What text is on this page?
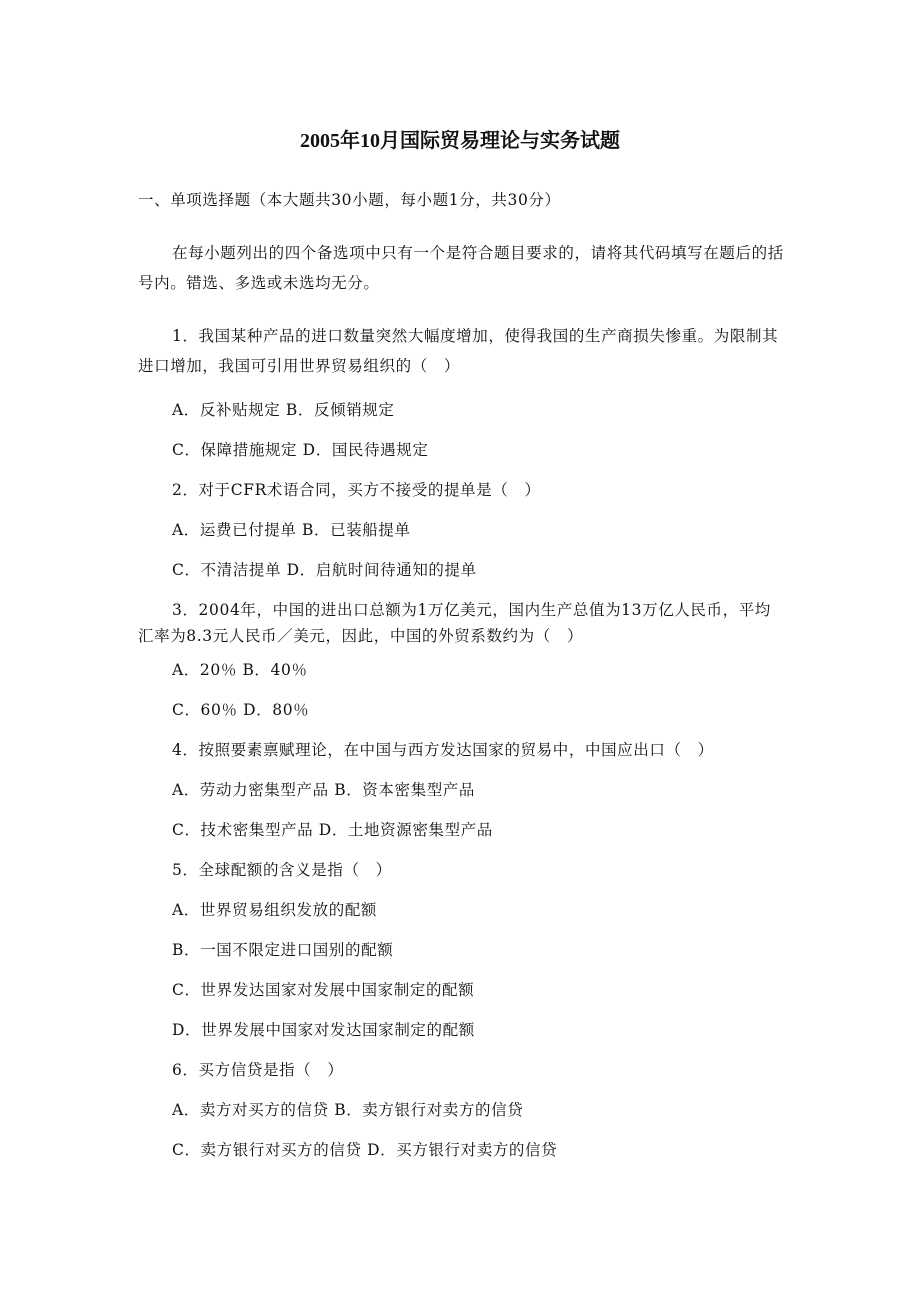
2005年10月国际贸易理论与实务试题
一、单项选择题（本大题共30小题，每小题1分，共30分）
在每小题列出的四个备选项中只有一个是符合题目要求的，请将其代码填写在题后的括
号内。错选、多选或未选均无分。
1．我国某种产品的进口数量突然大幅度增加，使得我国的生产商损失惨重。为限制其
进口增加，我国可引用世界贸易组织的（　）
A．反补贴规定 B．反倾销规定
C．保障措施规定 D．国民待遇规定
2．对于CFR术语合同，买方不接受的提单是（　）
A．运费已付提单 B．已装船提单
C．不清洁提单 D．启航时间待通知的提单
3．2004年，中国的进出口总额为1万亿美元，国内生产总值为13万亿人民币，平均
汇率为8.3元人民币／美元，因此，中国的外贸系数约为（　）
A．20％ B．40％
C．60％ D．80％
4．按照要素禀赋理论，在中国与西方发达国家的贸易中，中国应出口（　）
A．劳动力密集型产品 B．资本密集型产品
C．技术密集型产品 D．土地资源密集型产品
5．全球配额的含义是指（　）
A．世界贸易组织发放的配额
B．一国不限定进口国别的配额
C．世界发达国家对发展中国家制定的配额
D．世界发展中国家对发达国家制定的配额
6．买方信贷是指（　）
A．卖方对买方的信贷 B．卖方银行对卖方的信贷
C．卖方银行对买方的信贷 D．买方银行对卖方的信贷
